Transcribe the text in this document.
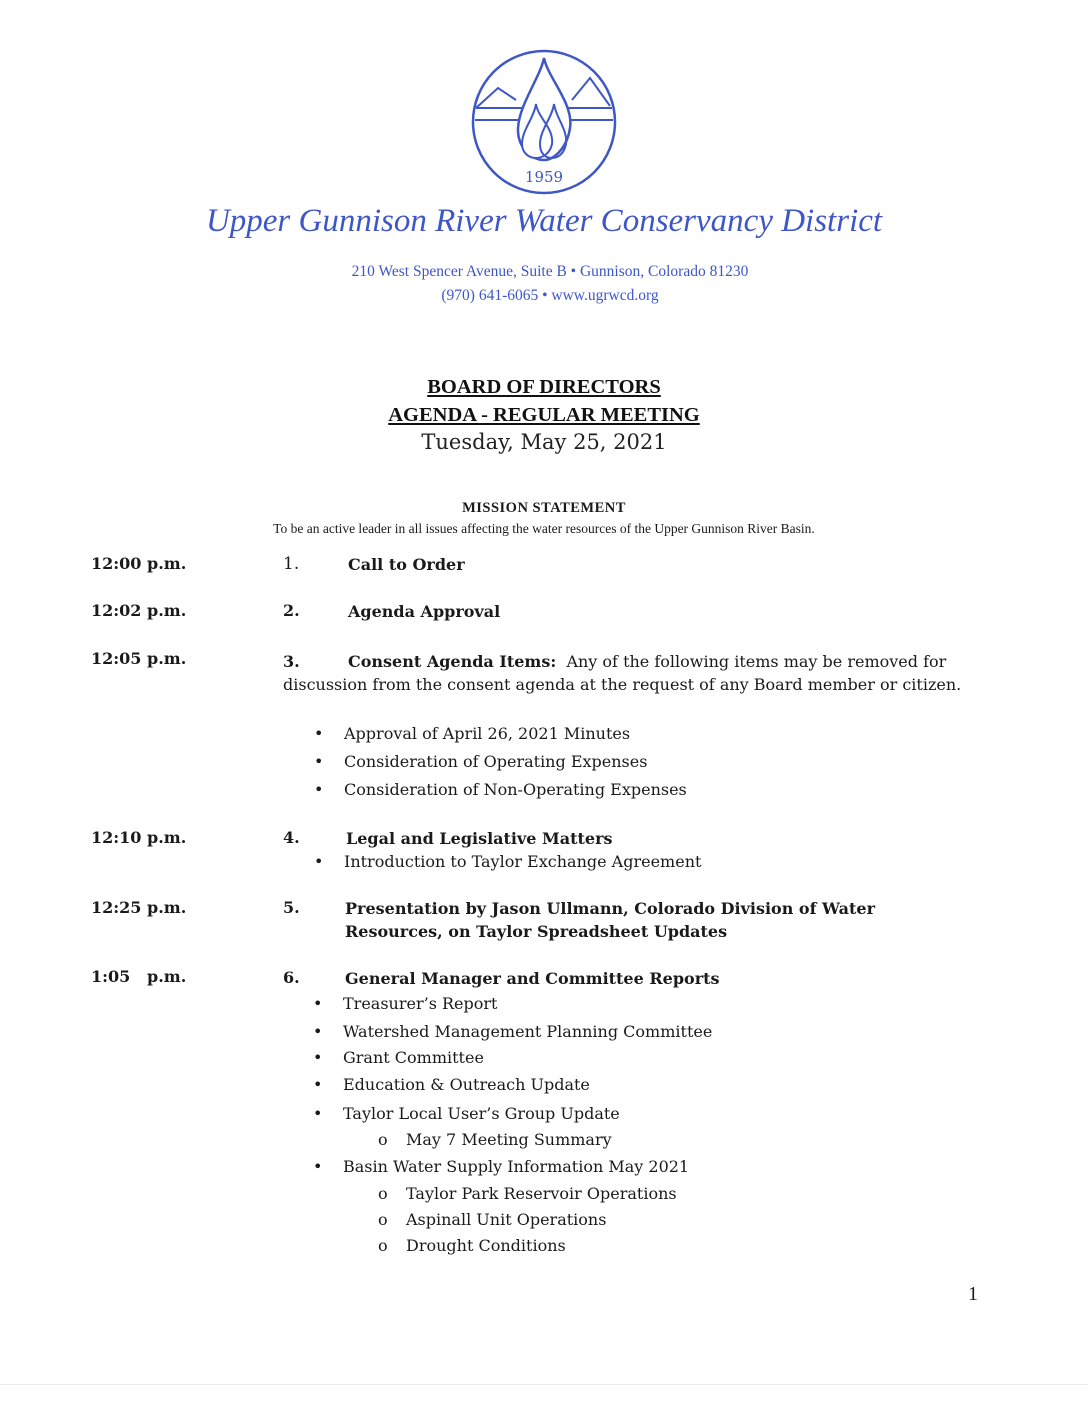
1959
Upper Gunnison River Water Conservancy District
210 West Spencer Avenue, Suite B • Gunnison, Colorado 81230
(970) 641-6065 • www.ugrwcd.org
BOARD OF DIRECTORS
AGENDA - REGULAR MEETING
Tuesday, May 25, 2021
MISSION STATEMENT
To be an active leader in all issues affecting the water resources of the Upper Gunnison River Basin.
12:00 p.m.	1.	Call to Order
12:02 p.m.	2.	Agenda Approval
12:05 p.m.	3.	Consent Agenda Items: Any of the following items may be removed for discussion from the consent agenda at the request of any Board member or citizen.
• Approval of April 26, 2021 Minutes
• Consideration of Operating Expenses
• Consideration of Non-Operating Expenses
12:10 p.m.	4.	Legal and Legislative Matters
• Introduction to Taylor Exchange Agreement
12:25 p.m.	5.	Presentation by Jason Ullmann, Colorado Division of Water
Resources, on Taylor Spreadsheet Updates
1:05   p.m.	6.	General Manager and Committee Reports
• Treasurer’s Report
• Watershed Management Planning Committee
• Grant Committee
• Education & Outreach Update
• Taylor Local User’s Group Update
o May 7 Meeting Summary
• Basin Water Supply Information May 2021
o Taylor Park Reservoir Operations
o Aspinall Unit Operations
o Drought Conditions
1
